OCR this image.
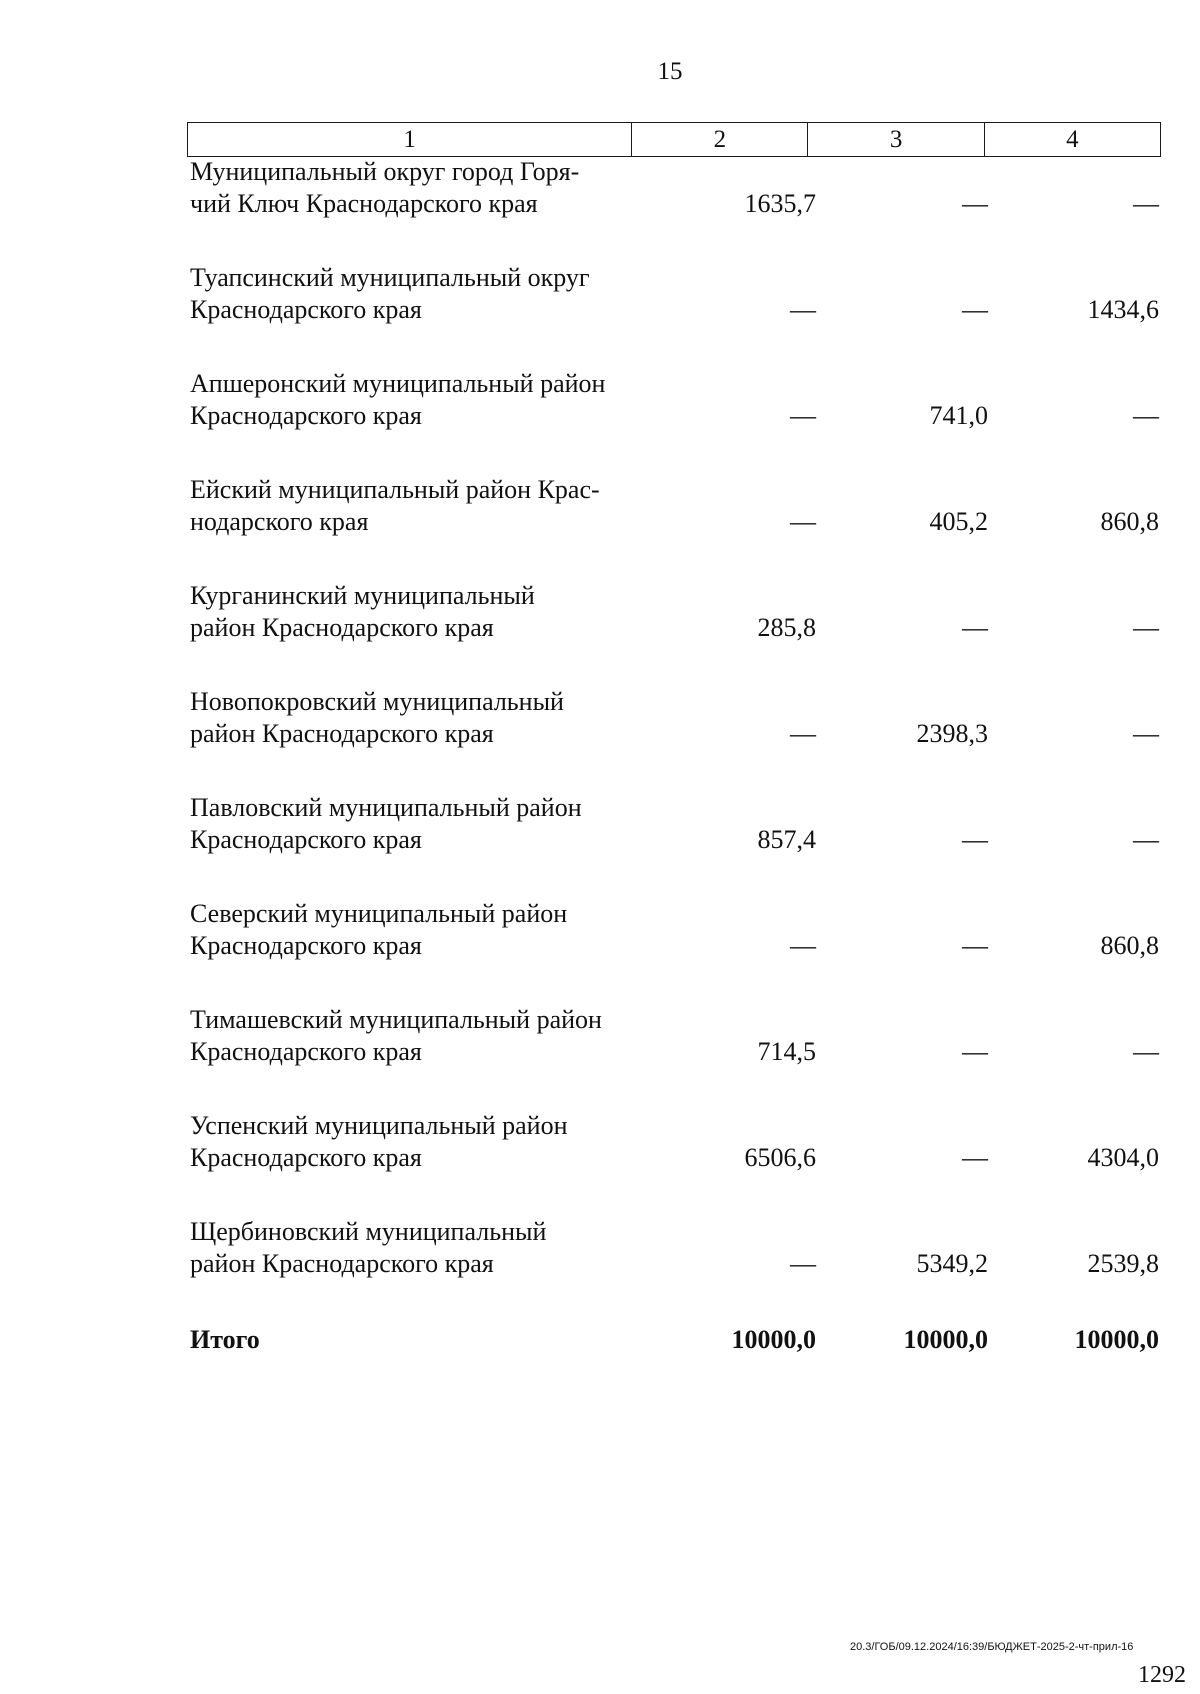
15
1	2	3	4
Муниципальный округ город Горя-
чий Ключ Краснодарского края	1635,7	—	—
Туапсинский муниципальный округ
Краснодарского края	—	—	1434,6
Апшеронский муниципальный район
Краснодарского края	—	741,0	—
Ейский муниципальный район Крас-
нодарского края	—	405,2	860,8
Курганинский муниципальный
район Краснодарского края	285,8	—	—
Новопокровский муниципальный
район Краснодарского края	—	2398,3	—
Павловский муниципальный район
Краснодарского края	857,4	—	—
Северский муниципальный район
Краснодарского края	—	—	860,8
Тимашевский муниципальный район
Краснодарского края	714,5	—	—
Успенский муниципальный район
Краснодарского края	6506,6	—	4304,0
Щербиновский муниципальный
район Краснодарского края	—	5349,2	2539,8
Итого	10000,0	10000,0	10000,0
20.3/ГОБ/09.12.2024/16:39/БЮДЖЕТ-2025-2-чт-прил-16
1292
